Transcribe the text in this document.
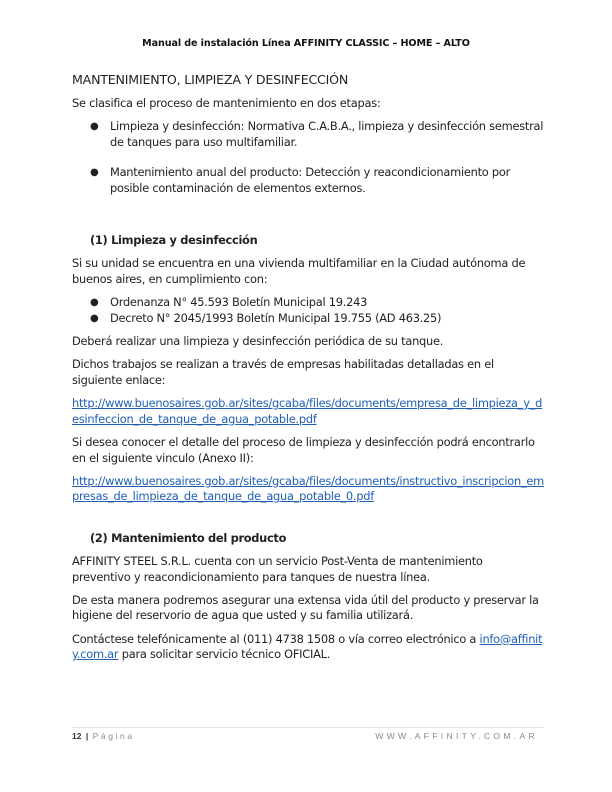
Manual de instalación Línea AFFINITY CLASSIC – HOME – ALTO
MANTENIMIENTO, LIMPIEZA Y DESINFECCIÓN

Se clasifica el proceso de mantenimiento en dos etapas:

● Limpieza y desinfección: Normativa C.A.B.A., limpieza y desinfección semestral de tanques para uso multifamiliar.
● Mantenimiento anual del producto: Detección y reacondicionamiento por posible contaminación de elementos externos.
(1) Limpieza y desinfección

Si su unidad se encuentra en una vivienda multifamiliar en la Ciudad autónoma de buenos aires, en cumplimiento con:

● Ordenanza N° 45.593 Boletín Municipal 19.243
● Decreto N° 2045/1993 Boletín Municipal 19.755 (AD 463.25)

Deberá realizar una limpieza y desinfección periódica de su tanque.

Dichos trabajos se realizan a través de empresas habilitadas detalladas en el siguiente enlace:

http://www.buenosaires.gob.ar/sites/gcaba/files/documents/empresa_de_limpieza_y_desinfeccion_de_tanque_de_agua_potable.pdf

Si desea conocer el detalle del proceso de limpieza y desinfección podrá encontrarlo en el siguiente vinculo (Anexo II):

http://www.buenosaires.gob.ar/sites/gcaba/files/documents/instructivo_inscripcion_empresas_de_limpieza_de_tanque_de_agua_potable_0.pdf

(2) Mantenimiento del producto

AFFINITY STEEL S.R.L. cuenta con un servicio Post-Venta de mantenimiento preventivo y reacondicionamiento para tanques de nuestra línea.

De esta manera podremos asegurar una extensa vida útil del producto y preservar la higiene del reservorio de agua que usted y su familia utilizará.

Contáctese telefónicamente al (011) 4738 1508 o vía correo electrónico a info@affinity.com.ar para solicitar servicio técnico OFICIAL.

12 | Página	WWW.AFFINITY.COM.AR
